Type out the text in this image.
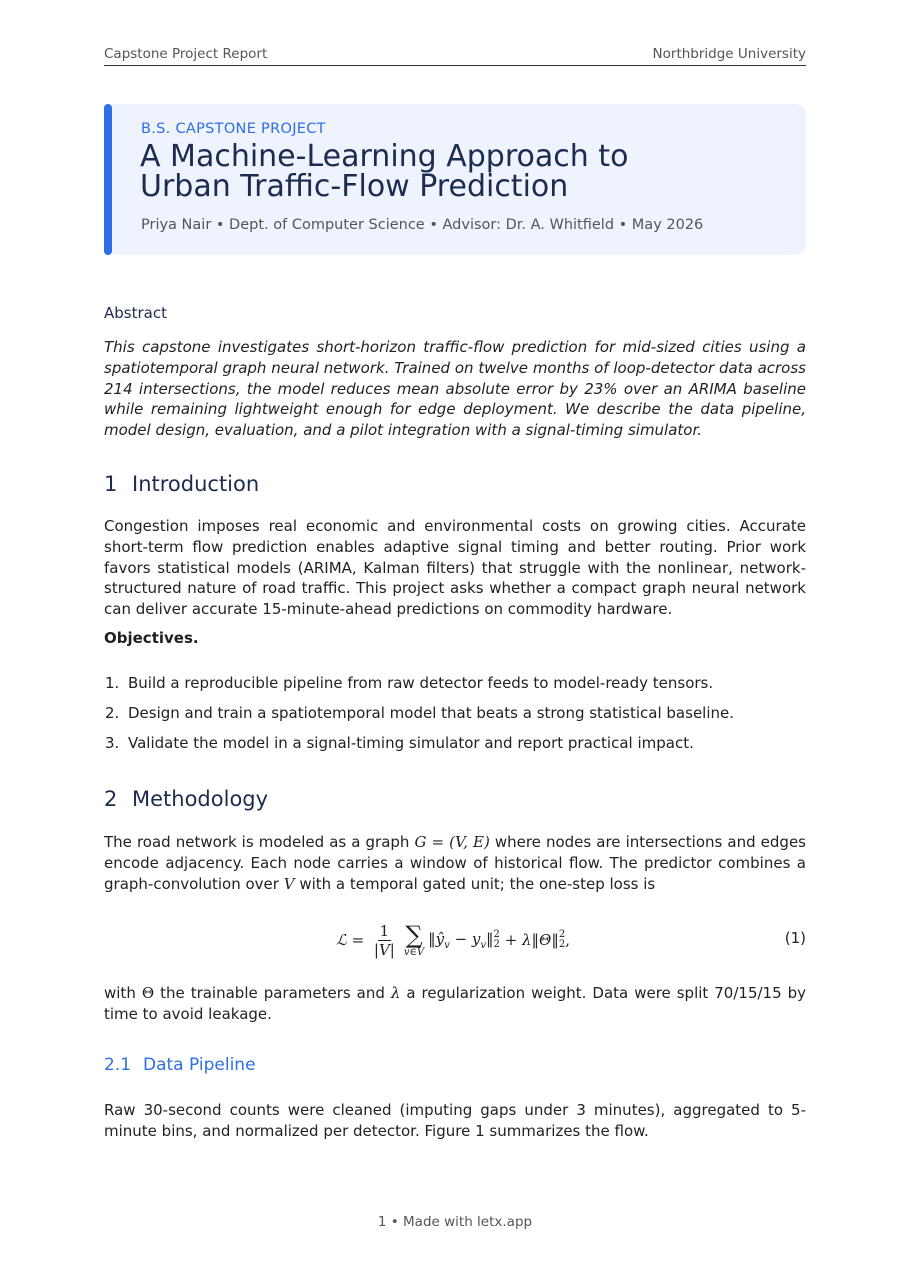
Capstone Project Report	Northbridge University
B.S. CAPSTONE PROJECT
A Machine-Learning Approach to
Urban Traffic-Flow Prediction
Priya Nair • Dept. of Computer Science • Advisor: Dr. A. Whitfield • May 2026
Abstract

This capstone investigates short-horizon traffic-flow prediction for mid-sized cities using a spatiotemporal graph neural network. Trained on twelve months of loop-detector data across 214 intersections, the model reduces mean absolute error by 23% over an ARIMA baseline while remaining lightweight enough for edge deployment. We describe the data pipeline, model design, evaluation, and a pilot integration with a signal-timing simulator.

1 Introduction

Congestion imposes real economic and environmental costs on growing cities. Accurate short-term flow prediction enables adaptive signal timing and better routing. Prior work favors statistical models (ARIMA, Kalman filters) that struggle with the nonlinear, network-structured nature of road traffic. This project asks whether a compact graph neural network can deliver accurate 15-minute-ahead predictions on commodity hardware.

Objectives.
1. Build a reproducible pipeline from raw detector feeds to model-ready tensors.
2. Design and train a spatiotemporal model that beats a strong statistical baseline.
3. Validate the model in a signal-timing simulator and report practical impact.
2 Methodology

The road network is modeled as a graph G = (V, E) where nodes are intersections and edges encode adjacency. Each node carries a window of historical flow. The predictor combines a graph-convolution over V with a temporal gated unit; the one-step loss is

ℒ = $\frac{1}{|V|}$ ∑
v∈V
$‖ŷ_v$ − $y_v‖$ 2
2 + λ‖Θ‖ 2
2 ,	(1)

with Θ the trainable parameters and λ a regularization weight. Data were split 70/15/15 by time to avoid leakage.

2.1 Data Pipeline

Raw 30-second counts were cleaned (imputing gaps under 3 minutes), aggregated to 5-minute bins, and normalized per detector. Figure 1 summarizes the flow.

1 • Made with letx.app
